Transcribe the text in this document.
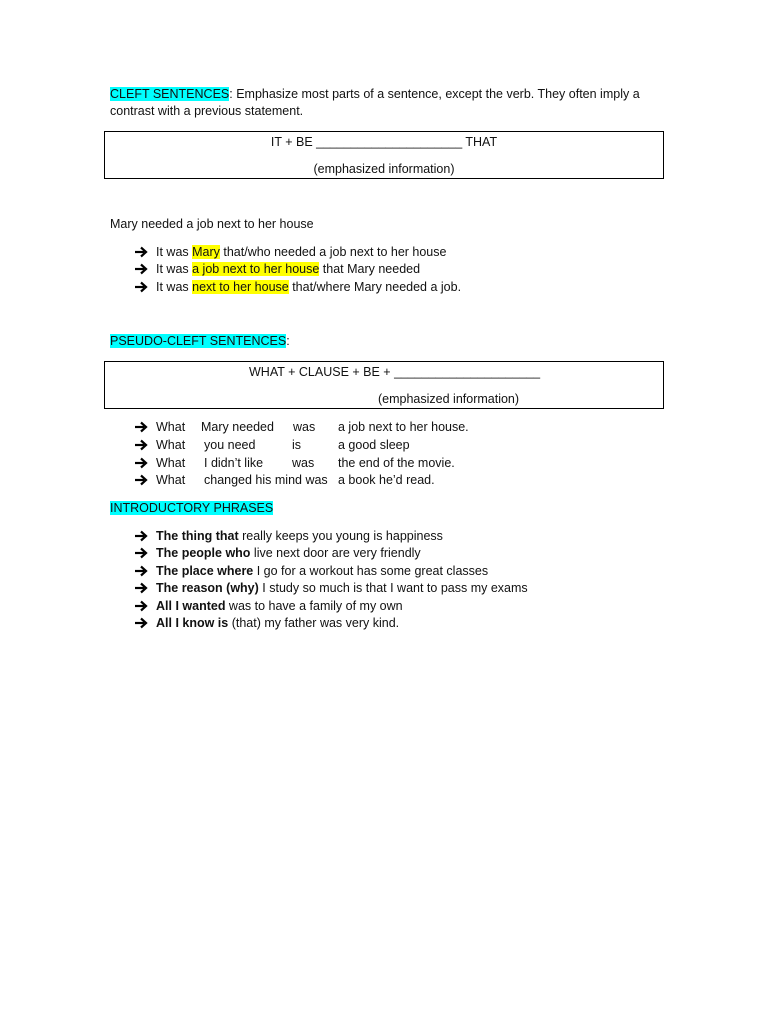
CLEFT SENTENCES: Emphasize most parts of a sentence, except the verb. They often imply a
contrast with a previous statement.
IT + BE _____________________ THAT
(emphasized information)
Mary needed a job next to her house
It was Mary that/who needed a job next to her house
It was a job next to her house that Mary needed
It was next to her house that/where Mary needed a job.
PSEUDO-CLEFT SENTENCES:
WHAT + CLAUSE + BE + _____________________
(emphasized information)
What Mary needed was a job next to her house.
What you need	is	a good sleep
What I didn’t like was the end of the movie.
What changed his mind was a book he’d read.
INTRODUCTORY PHRASES
The thing that really keeps you young is happiness
The people who live next door are very friendly
The place where I go for a workout has some great classes
The reason (why) I study so much is that I want to pass my exams
All I wanted was to have a family of my own
All I know is (that) my father was very kind.
